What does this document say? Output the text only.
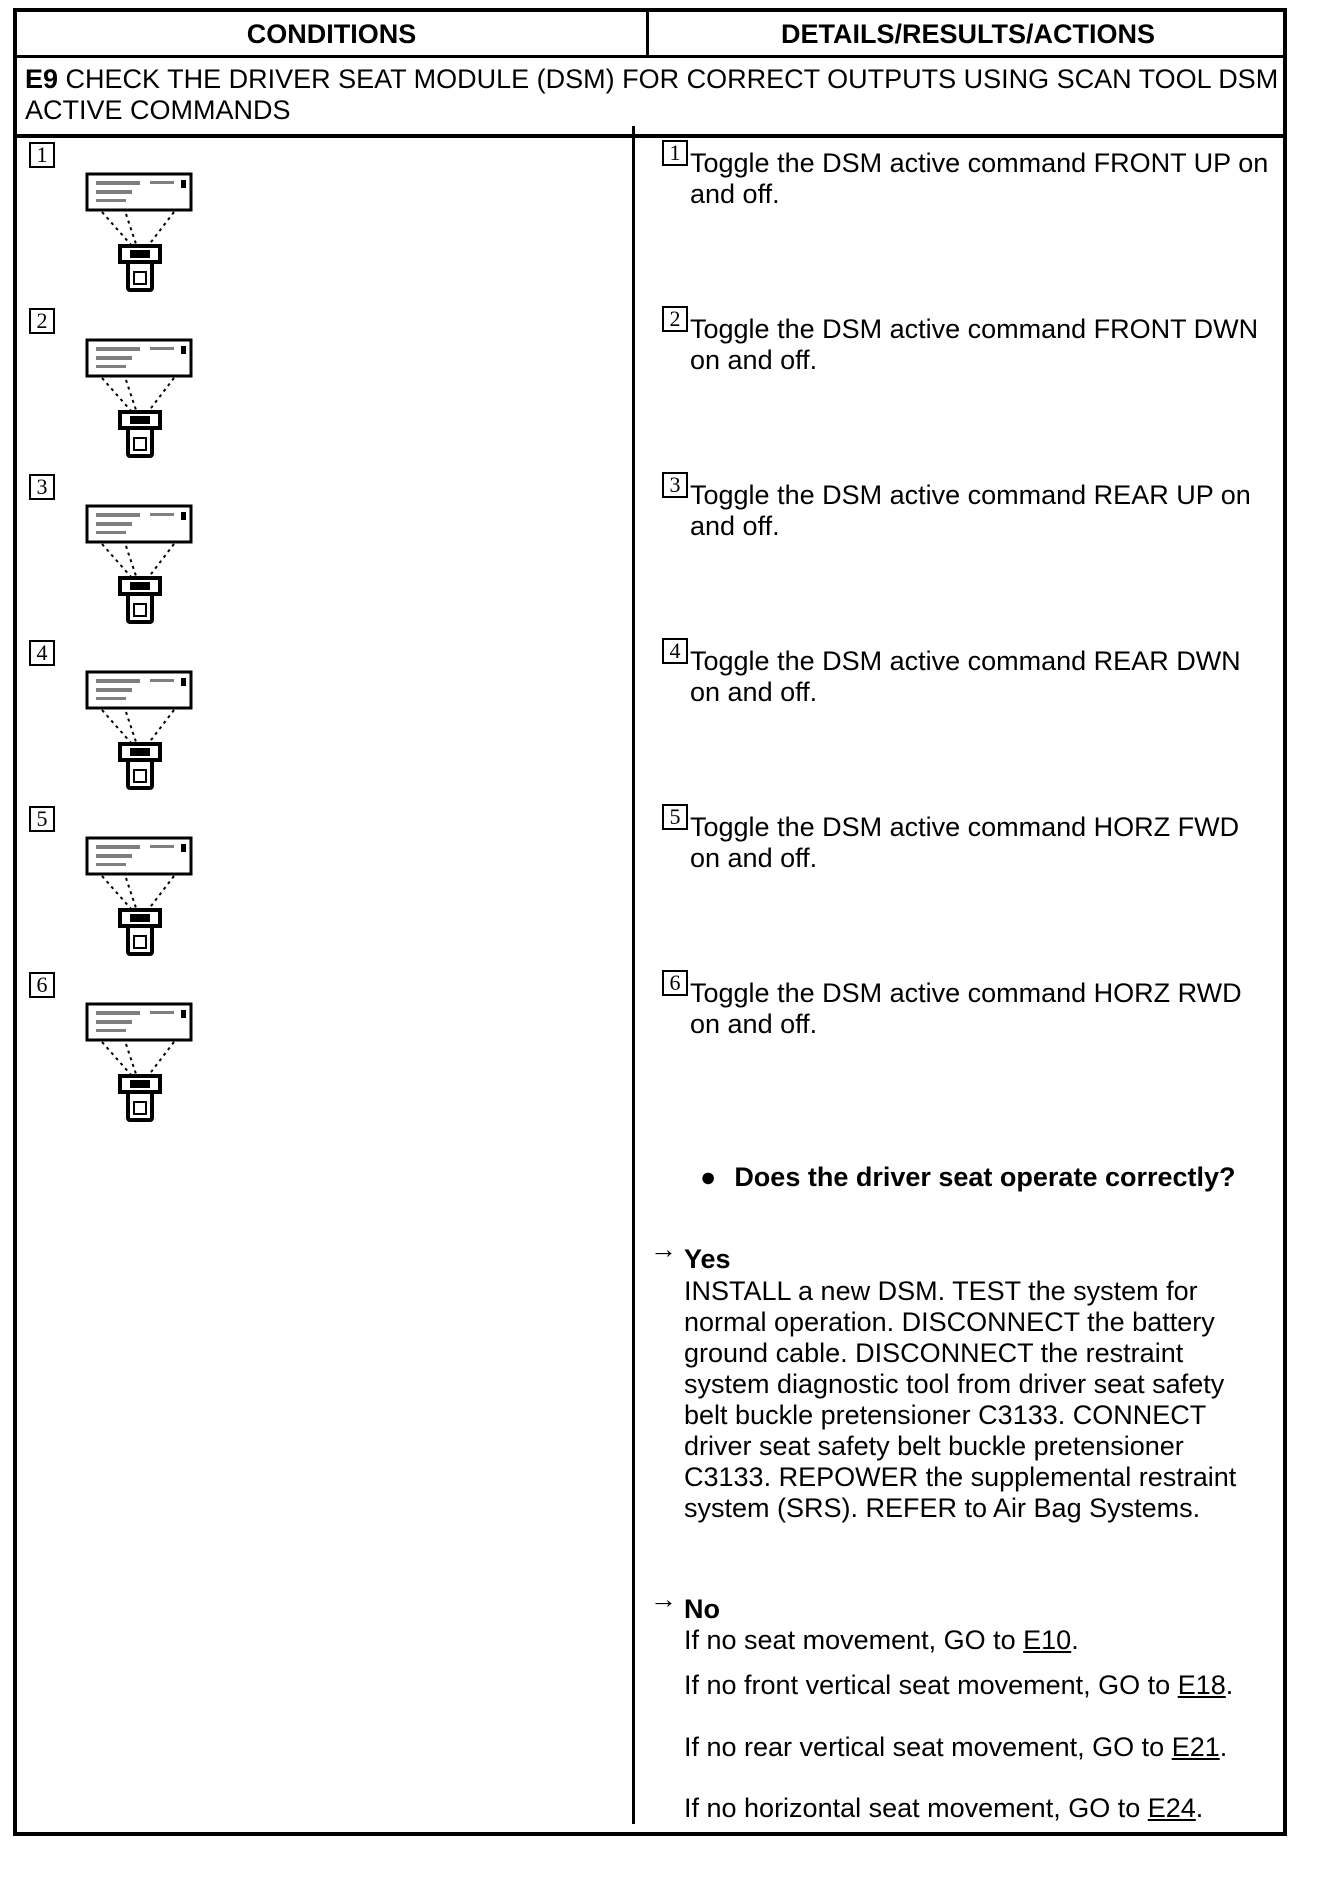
CONDITIONS	DETAILS/RESULTS/ACTIONS
E9 CHECK THE DRIVER SEAT MODULE (DSM) FOR CORRECT OUTPUTS USING SCAN TOOL DSM ACTIVE COMMANDS
1	1 Toggle the DSM active command FRONT UP on and off.
2	2 Toggle the DSM active command FRONT DWN on and off.
3	3 Toggle the DSM active command REAR UP on and off.
4	4 Toggle the DSM active command REAR DWN on and off.
5	5 Toggle the DSM active command HORZ FWD on and off.
6	6 Toggle the DSM active command HORZ RWD on and off.
● Does the driver seat operate correctly?
→ Yes
INSTALL a new DSM. TEST the system for normal operation. DISCONNECT the battery ground cable. DISCONNECT the restraint system diagnostic tool from driver seat safety belt buckle pretensioner C3133. CONNECT driver seat safety belt buckle pretensioner C3133. REPOWER the supplemental restraint system (SRS). REFER to Air Bag Systems.
→ No
If no seat movement, GO to E10.
If no front vertical seat movement, GO to E18.
If no rear vertical seat movement, GO to E21.
If no horizontal seat movement, GO to E24.
